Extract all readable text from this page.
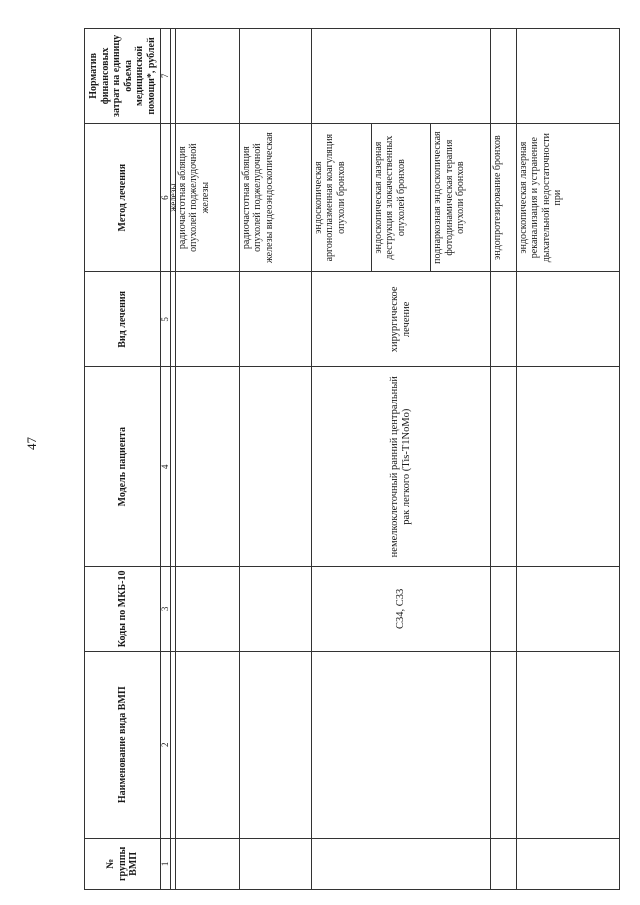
47
№ группы ВМП	Наименование вида ВМП	Коды по МКБ-10	Модель пациента	Вид лечения	Метод лечения	Норматив финансовых затрат на единицу объема медицинской помощи*, рублей
1	2	3	4	5	6	7
					железы	
					радиочастотная абляция опухолей поджелудочной железы	
					радиочастотная абляция опухолей поджелудочной железы видеоэндоскопическая	
		C34, C33	немелкоклеточный ранний центральный рак легкого (Tis-T1NoMo)	хирургическое лечение	эндоскопическая аргоноплазменная коагуляция опухоли бронхов	
					эндоскопическая лазерная деструкция злокачественных опухолей бронхов	
					поднаркозная эндоскопическая фотодинамическая терапия опухоли бронхов	
					эндопротезирование бронхов	
					эндоскопическая лазерная реканализация и устранение дыхательной недостаточности при	
